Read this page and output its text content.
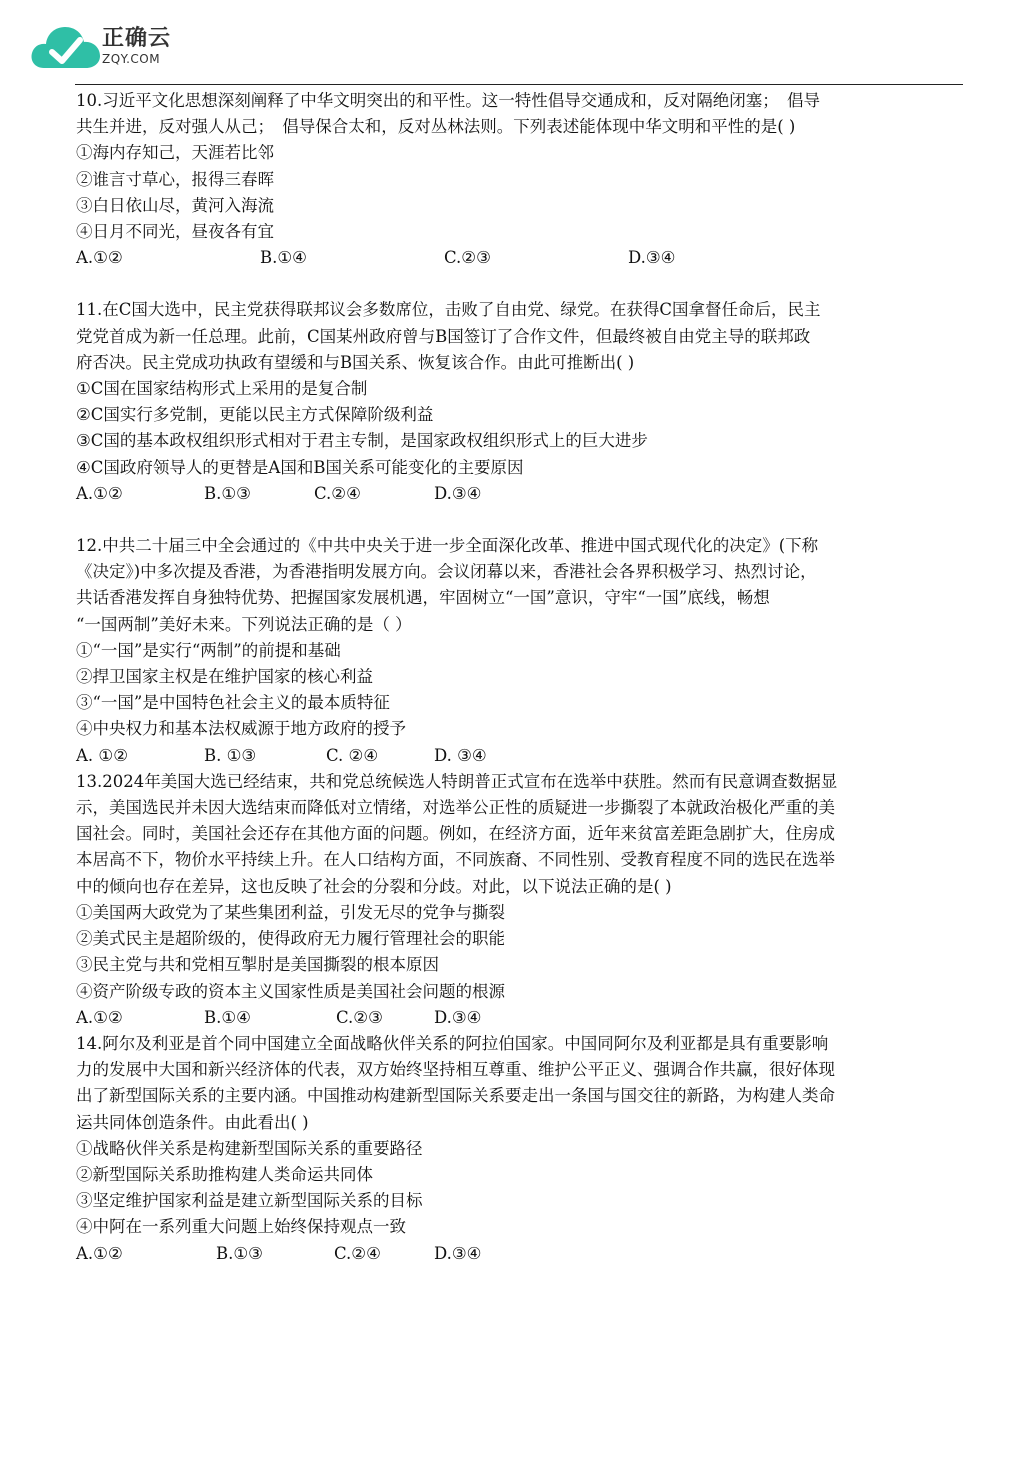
正确云
ZQY.COM

10.习近平文化思想深刻阐释了中华文明突出的和平性。这一特性倡导交通成和，反对隔绝闭塞；　倡导

共生并进，反对强人从己；　倡导保合太和，反对丛林法则。下列表述能体现中华文明和平性的是( )

①海内存知己，天涯若比邻

②谁言寸草心，报得三春晖

③白日依山尽，黄河入海流

④日月不同光，昼夜各有宜

A.①②	B.①④	C.②③	D.③④

11.在C国大选中，民主党获得联邦议会多数席位，击败了自由党、绿党。在获得C国拿督任命后，民主

党党首成为新一任总理。此前，C国某州政府曾与B国签订了合作文件，但最终被自由党主导的联邦政

府否决。民主党成功执政有望缓和与B国关系、恢复该合作。由此可推断出( )

①C国在国家结构形式上采用的是复合制

②C国实行多党制，更能以民主方式保障阶级利益

③C国的基本政权组织形式相对于君主专制，是国家政权组织形式上的巨大进步

④C国政府领导人的更替是A国和B国关系可能变化的主要原因

A.①②	B.①③	C.②④	D.③④

12.中共二十届三中全会通过的《中共中央关于进一步全面深化改革、推进中国式现代化的决定》(下称

《决定》)中多次提及香港，为香港指明发展方向。会议闭幕以来，香港社会各界积极学习、热烈讨论，

共话香港发挥自身独特优势、把握国家发展机遇，牢固树立“一国”意识，守牢“一国”底线，畅想

“一国两制”美好未来。下列说法正确的是（ ）

①“一国”是实行“两制”的前提和基础

②捍卫国家主权是在维护国家的核心利益

③“一国”是中国特色社会主义的最本质特征

④中央权力和基本法权威源于地方政府的授予

A. ①②	B. ①③	C. ②④	D. ③④

13.2024年美国大选已经结束，共和党总统候选人特朗普正式宣布在选举中获胜。然而有民意调查数据显

示，美国选民并未因大选结束而降低对立情绪，对选举公正性的质疑进一步撕裂了本就政治极化严重的美

国社会。同时，美国社会还存在其他方面的问题。例如，在经济方面，近年来贫富差距急剧扩大，住房成

本居高不下，物价水平持续上升。在人口结构方面，不同族裔、不同性别、受教育程度不同的选民在选举

中的倾向也存在差异，这也反映了社会的分裂和分歧。对此，以下说法正确的是( )

①美国两大政党为了某些集团利益，引发无尽的党争与撕裂

②美式民主是超阶级的，使得政府无力履行管理社会的职能

③民主党与共和党相互掣肘是美国撕裂的根本原因

④资产阶级专政的资本主义国家性质是美国社会问题的根源

A.①②	B.①④	C.②③	D.③④

14.阿尔及利亚是首个同中国建立全面战略伙伴关系的阿拉伯国家。中国同阿尔及利亚都是具有重要影响

力的发展中大国和新兴经济体的代表，双方始终坚持相互尊重、维护公平正义、强调合作共赢，很好体现

出了新型国际关系的主要内涵。中国推动构建新型国际关系要走出一条国与国交往的新路，为构建人类命

运共同体创造条件。由此看出( )

①战略伙伴关系是构建新型国际关系的重要路径

②新型国际关系助推构建人类命运共同体

③坚定维护国家利益是建立新型国际关系的目标

④中阿在一系列重大问题上始终保持观点一致

A.①②	B.①③	C.②④	D.③④
